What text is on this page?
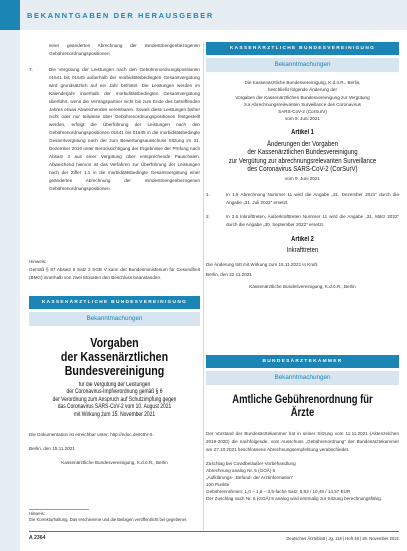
BEKANNTGABEN DER HERAUSGEBER
einer geänderten Abrechnung der mindestmengenbezogenen Gebührenordnungspositionen.
7.	Die Vergütung der Leistungen nach den Gebührenordnungspositionen 01541 bis 01545 außerhalb der morbiditätsbedingten Gesamtvergütung wird grundsätzlich auf ein Jahr befristet. Die Leistungen werden im Kalenderjahr innerhalb der morbiditätsbedingten Gesamtvergütung überführt, wenn die Vertragspartner nicht bis zum Ende des betreffenden Jahres etwas Abweichendes vereinbaren. Soweit diese Leistungen bisher nicht oder nur teilweise über Gebührenordnungspositionen festgestellt werden, erfolgt die Überführung der Leistungen nach den Gebührenordnungspositionen 01541 bis 01545 in die morbiditätsbedingte Gesamtvergütung nach der zum Bewertungsausschuss Sitzung im 31. Dezember 2016 unter Berücksichtigung der Ergebnisse der Prüfung nach Absatz 3 aus einer Vergütung über entsprechende Pauschalen. Abweichend hiervon ist das Verfahren zur Überführung der Leistungen nach der Ziffer 1.1 in die morbiditätsbedingte Gesamtvergütung einer geänderten Abrechnung der mindestmengenbezogenen Gebührenordnungspositionen.
Hinweis:
Gemäß § 87 Absatz 6 Satz 2 SGB V kann der Bundesministerium für Gesundheit (BMG) innerhalb von zwei Monaten den Beschluss beanstanden.
KASSENÄRZTLICHE BUNDESVEREINIGUNG
Bekanntmachungen
Vorgaben
der Kassenärztlichen Bundesvereinigung
für die Vergütung der Leistungen
der Coronavirus-Impfverordnung gemäß § 6
der Verordnung zum Anspruch auf Schutzimpfung gegen
das Coronavirus SARS-CoV-2 vom 10. August 2021
mit Wirkung zum 15. November 2021
Die Dokumentation ist erreichbar unter: http://edoc.de/KBV-0.
Berlin, den 15.11.2021
Kassenärztliche Bundesvereinigung, K.d.ö.R., Berlin
Hinweis:
Die Korrekturhaltung. Das erschienene und die Beilagen veröffentlicht bei gegebener.
KASSENÄRZTLICHE BUNDESVEREINIGUNG
Bekanntmachungen
Die Kassenärztliche Bundesvereinigung, K.d.ö.R., Berlin,
beschließt folgende Änderung der
Vorgaben der Kassenärztlichen Bundesvereinigung zur Vergütung
zur Abrechnungsrelevanten Surveillance des Coronavirus
SARS-CoV-2 (CorSurV)
vom 9. Juni 2021
Artikel 1
Änderungen der Vorgaben
der Kassenärztlichen Bundesvereinigung
zur Vergütung zur abrechnungsrelevanten Surveillance
des Coronavirus SARS-CoV-2 (CorSurV)
vom 9. Juni 2021
1.	In 1.5 Abrechnung Nummer 11 wird die Angabe „31. Dezember 2021“ durch die Angabe „31. Juli 2022“ ersetzt.
2.	In 3.5 Inkrafttreten, Außerkrafttreten Nummer 11 wird die Angabe „31. März 2022“ durch die Angabe „30. September 2022“ ersetzt.
Artikel 2
Inkrafttreten
Die Änderung tritt mit Wirkung zum 15.11.2021 in Kraft.
Berlin, den 22.11.2021
Kassenärztliche Bundesvereinigung, K.d.ö.R., Berlin
BUNDESÄRZTEKAMMER
Bekanntmachungen
Amtliche Gebührenordnung für Ärzte
Der Vorstand der Bundesärztekammer hat in seiner Sitzung vom 11.11.2021 (Aktenzeichen 2019-2020) die nachfolgende, vom Ausschuss „Gebührenordnung“ der Bundesärztekammer am 27.10.2021 beschlossene Abrechnungsempfehlung verabschiedet.
Zuschlag bei Covidbeiäußer-Vorbehandlung
Abrechnung analog Nr. 5 (GOÄ) 5
„Aufklärungs-, Befund- der Arztinformation“
100 Punkte
Gebührenrahmen: 1,0 – 1,8 – 3,5-fache Satz: 5,83 / 10,49 / 14,57 EUR
Der Zuschlag nach Nr. 5 (GOÄ) 5 analog wird erstmalig zur Sitzung berechnungsfähig.
A 2364	Deutsches Ärzteblatt | Jg. 118 | Heft 48 | 26. November 2021
